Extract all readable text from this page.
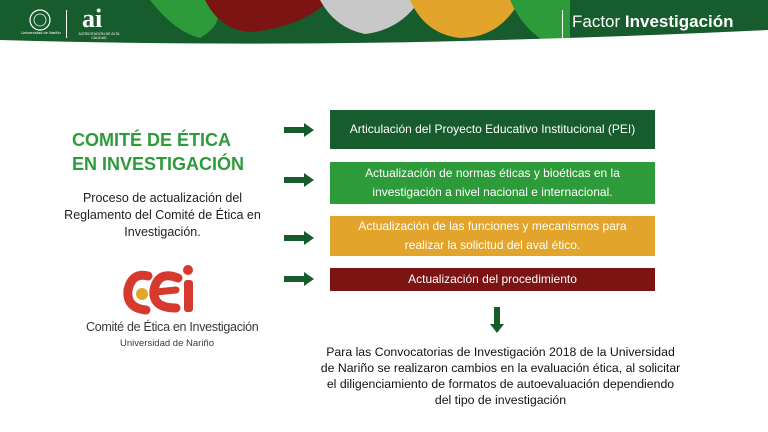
Universidad de Nariño ai
ACREDITACIÓN DE ALTA CALIDAD
Factor Investigación
COMITÉ DE ÉTICA
EN INVESTIGACIÓN
Proceso de actualización del Reglamento del Comité de Ética en Investigación.
Comité de Ética en Investigación
Universidad de Nariño
Articulación del Proyecto Educativo Institucional (PEI)
Actualización de normas éticas y bioéticas en la investigación a nivel nacional e internacional.
Actualización de las funciones y mecanismos para realizar la solicitud del aval ético.
Actualización del procedimiento
Para las Convocatorias de Investigación 2018 de la Universidad de Nariño se realizaron cambios en la evaluación ética, al solicitar el diligenciamiento de formatos de autoevaluación dependiendo del tipo de investigación
